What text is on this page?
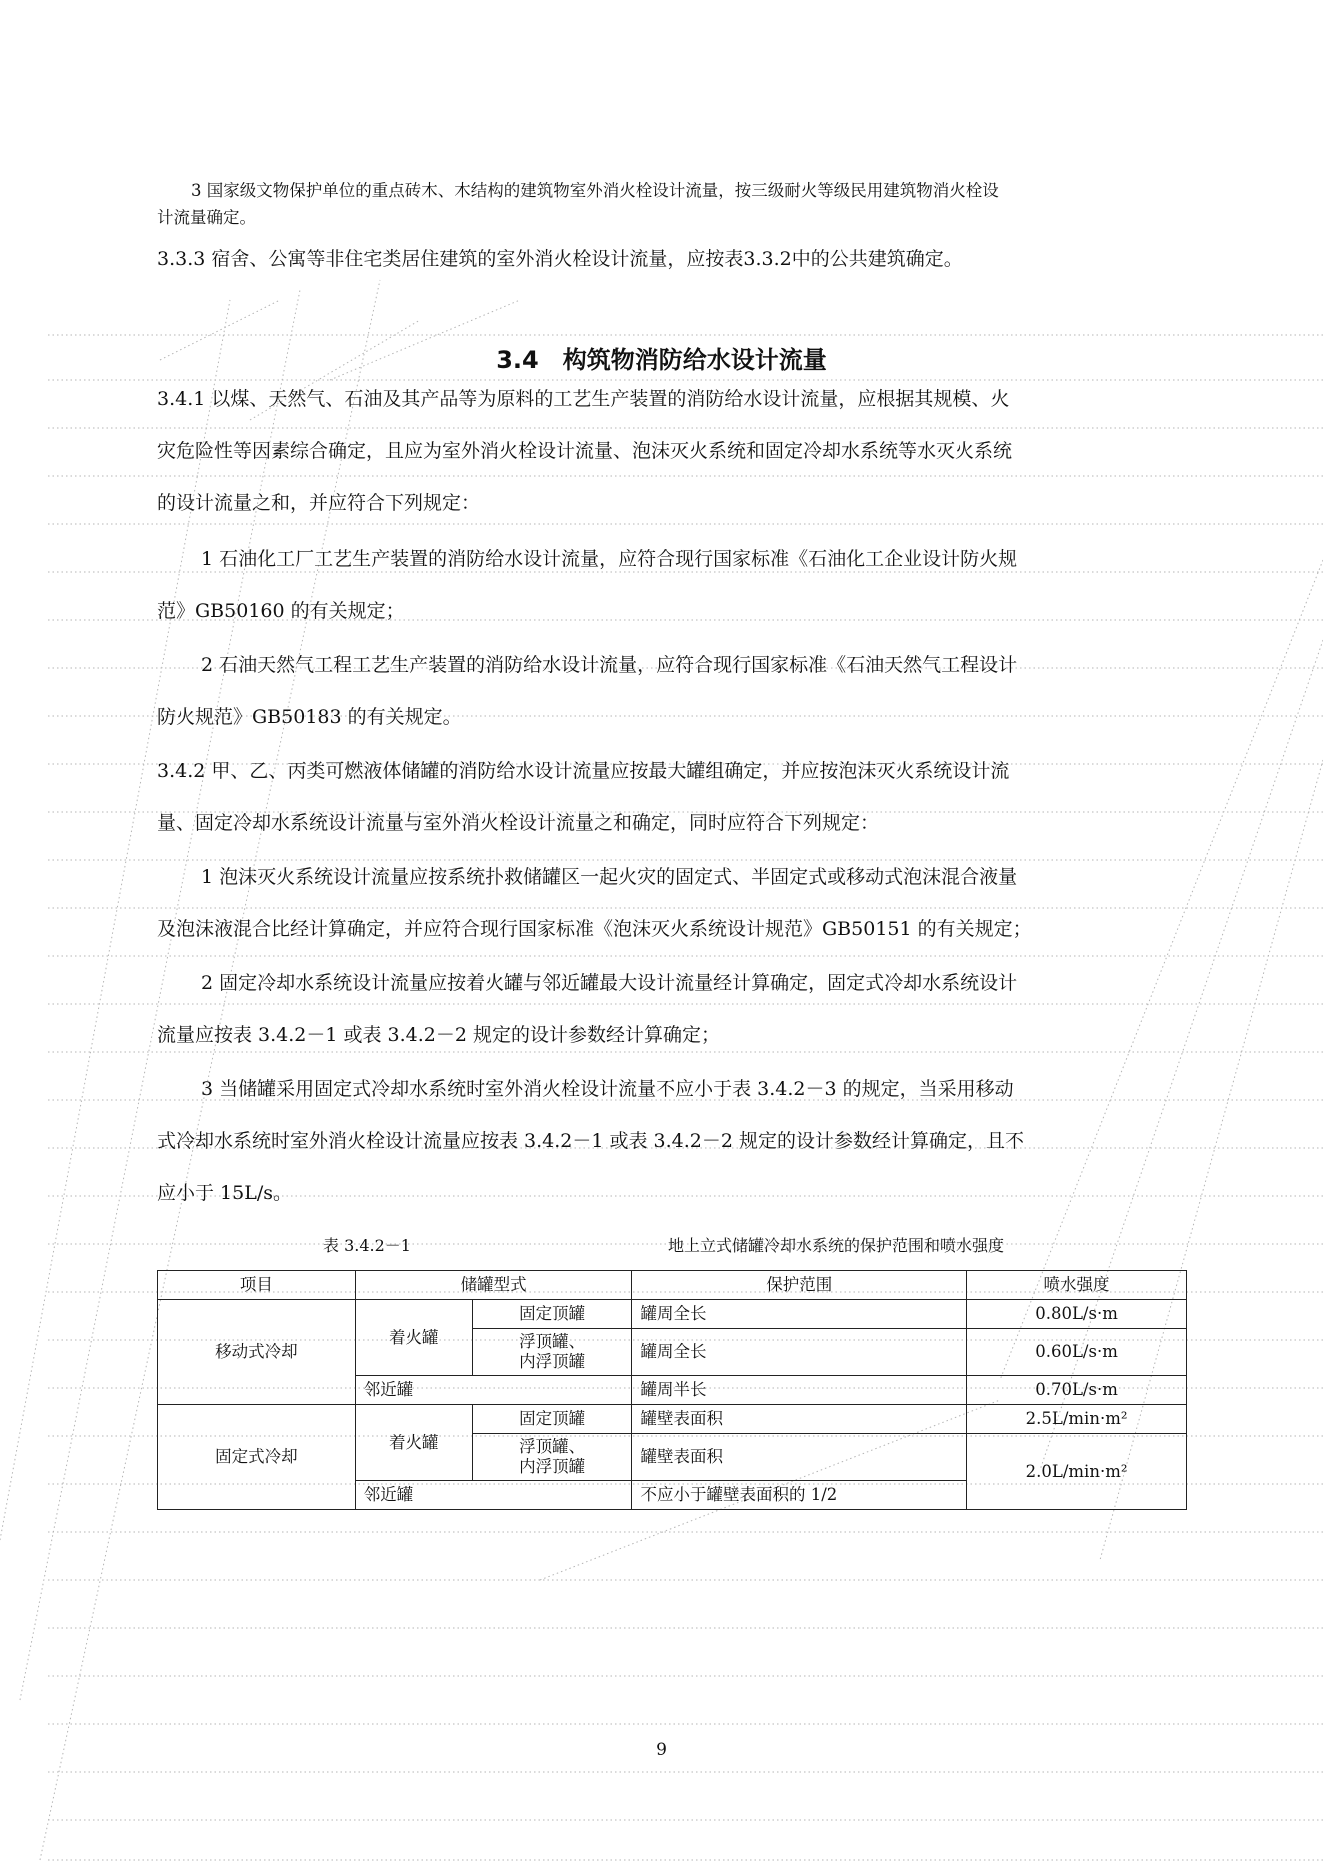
3 国家级文物保护单位的重点砖木、木结构的建筑物室外消火栓设计流量，按三级耐火等级民用建筑物消火栓设
计流量确定。
3.3.3 宿舍、公寓等非住宅类居住建筑的室外消火栓设计流量，应按表3.3.2中的公共建筑确定。
3.4　构筑物消防给水设计流量
3.4.1 以煤、天然气、石油及其产品等为原料的工艺生产装置的消防给水设计流量，应根据其规模、火
灾危险性等因素综合确定，且应为室外消火栓设计流量、泡沫灭火系统和固定冷却水系统等水灭火系统
的设计流量之和，并应符合下列规定：
1 石油化工厂工艺生产装置的消防给水设计流量，应符合现行国家标准《石油化工企业设计防火规
范》GB50160 的有关规定；
2 石油天然气工程工艺生产装置的消防给水设计流量，应符合现行国家标准《石油天然气工程设计
防火规范》GB50183 的有关规定。
3.4.2 甲、乙、丙类可燃液体储罐的消防给水设计流量应按最大罐组确定，并应按泡沫灭火系统设计流
量、固定冷却水系统设计流量与室外消火栓设计流量之和确定，同时应符合下列规定：
1 泡沫灭火系统设计流量应按系统扑救储罐区一起火灾的固定式、半固定式或移动式泡沫混合液量
及泡沫液混合比经计算确定，并应符合现行国家标准《泡沫灭火系统设计规范》GB50151 的有关规定；
2 固定冷却水系统设计流量应按着火罐与邻近罐最大设计流量经计算确定，固定式冷却水系统设计
流量应按表 3.4.2－1 或表 3.4.2－2 规定的设计参数经计算确定；
3 当储罐采用固定式冷却水系统时室外消火栓设计流量不应小于表 3.4.2－3 的规定，当采用移动
式冷却水系统时室外消火栓设计流量应按表 3.4.2－1 或表 3.4.2－2 规定的设计参数经计算确定，且不
应小于 15L/s。
表 3.4.2－1	地上立式储罐冷却水系统的保护范围和喷水强度
项目	储罐型式		保护范围	喷水强度
移动式冷却	着火罐	固定顶罐	罐周全长	0.80L/s·m
		浮顶罐、
内浮顶罐	罐周全长	0.60L/s·m
	邻近罐		罐周半长	0.70L/s·m
固定式冷却	着火罐	固定顶罐	罐壁表面积	2.5L/min·m²
		浮顶罐、
内浮顶罐	罐壁表面积	2.0L/min·m²
	邻近罐		不应小于罐壁表面积的 1/2	
9
